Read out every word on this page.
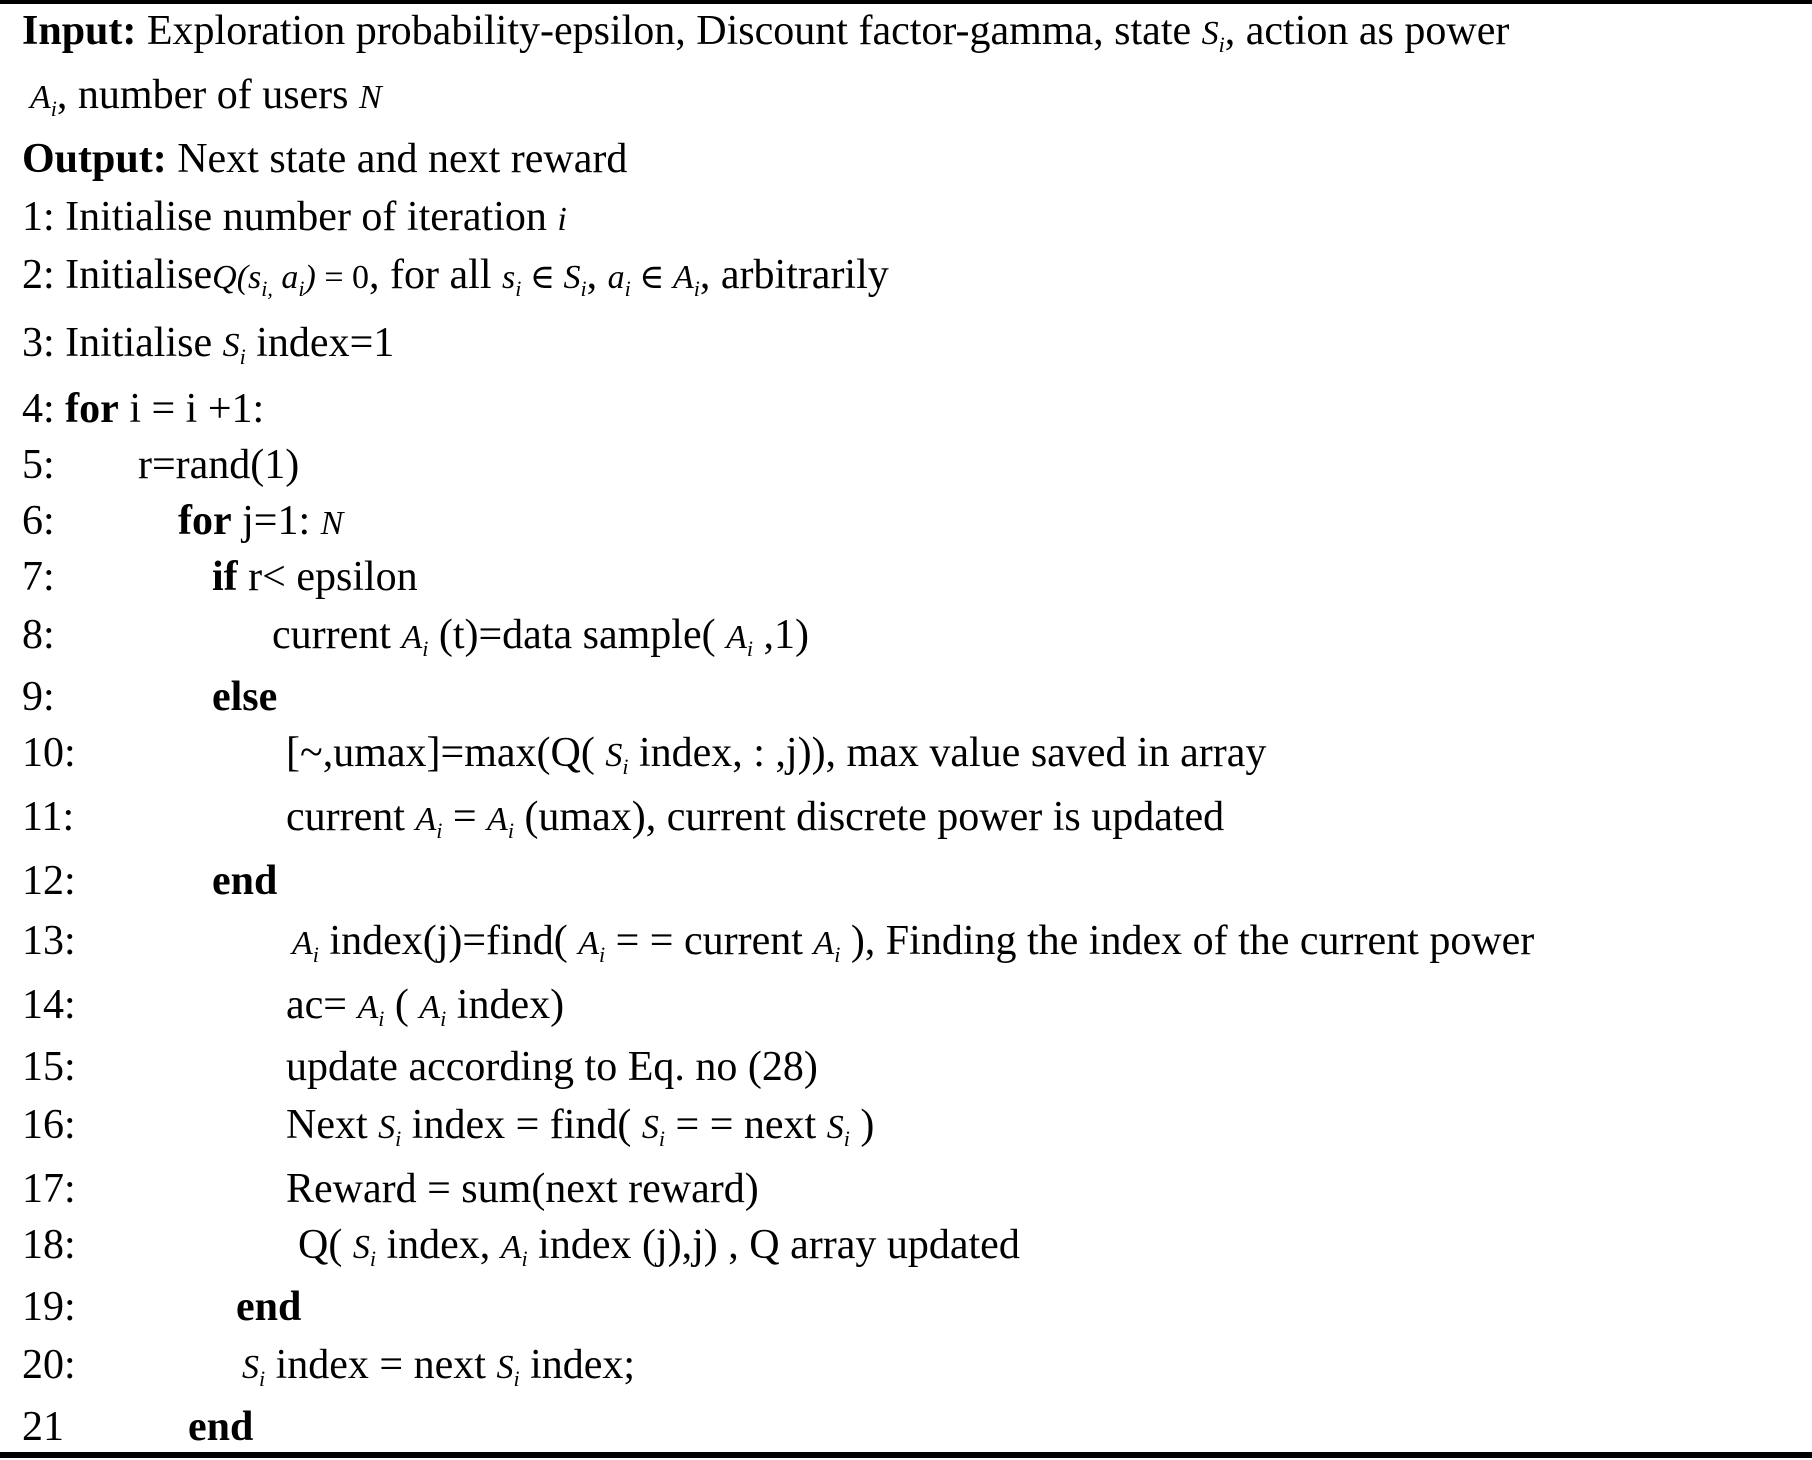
Input: Exploration probability-epsilon, Discount factor-gamma, state $S_i$, action as power
$A_i$, number of users N
Output: Next state and next reward
1: Initialise number of iteration i
2: $InitialiseQ(s_{i,}$ $a_i) = 0$, for all $s_i$ ∈ $S_i$, $a_i$ ∈ $A_i$, arbitrarily
3: Initialise $S_i$ index=1
4: for i = i +1:
5: r=rand(1)
6:	for j=1: N
7:	if r< epsilon
8:	current $A_i$ (t)=data sample( $A_i$ ,1)
9:	else
10:	[~,umax]=max(Q( $S_i$ index, : ,j)), max value saved in array
11:	current $A_i = A_i$ (umax), current discrete power is updated
12:	end
13:	$A_i$ index(j)=find( $A_i$ = = current $A_i$ ), Finding the index of the current power
14:	$ac= A_i$ ( $A_i$ index)
15:	update according to Eq. no (28)
16:	Next $S_i$ index = find( $S_i$ = = next $S_i$ )
17:	Reward = sum(next reward)
18:	Q( $S_i$ index, $A_i$ index (j),j) , Q array updated
19:	end
20:	$S_i$ index = next $S_i$ index;
21	end
